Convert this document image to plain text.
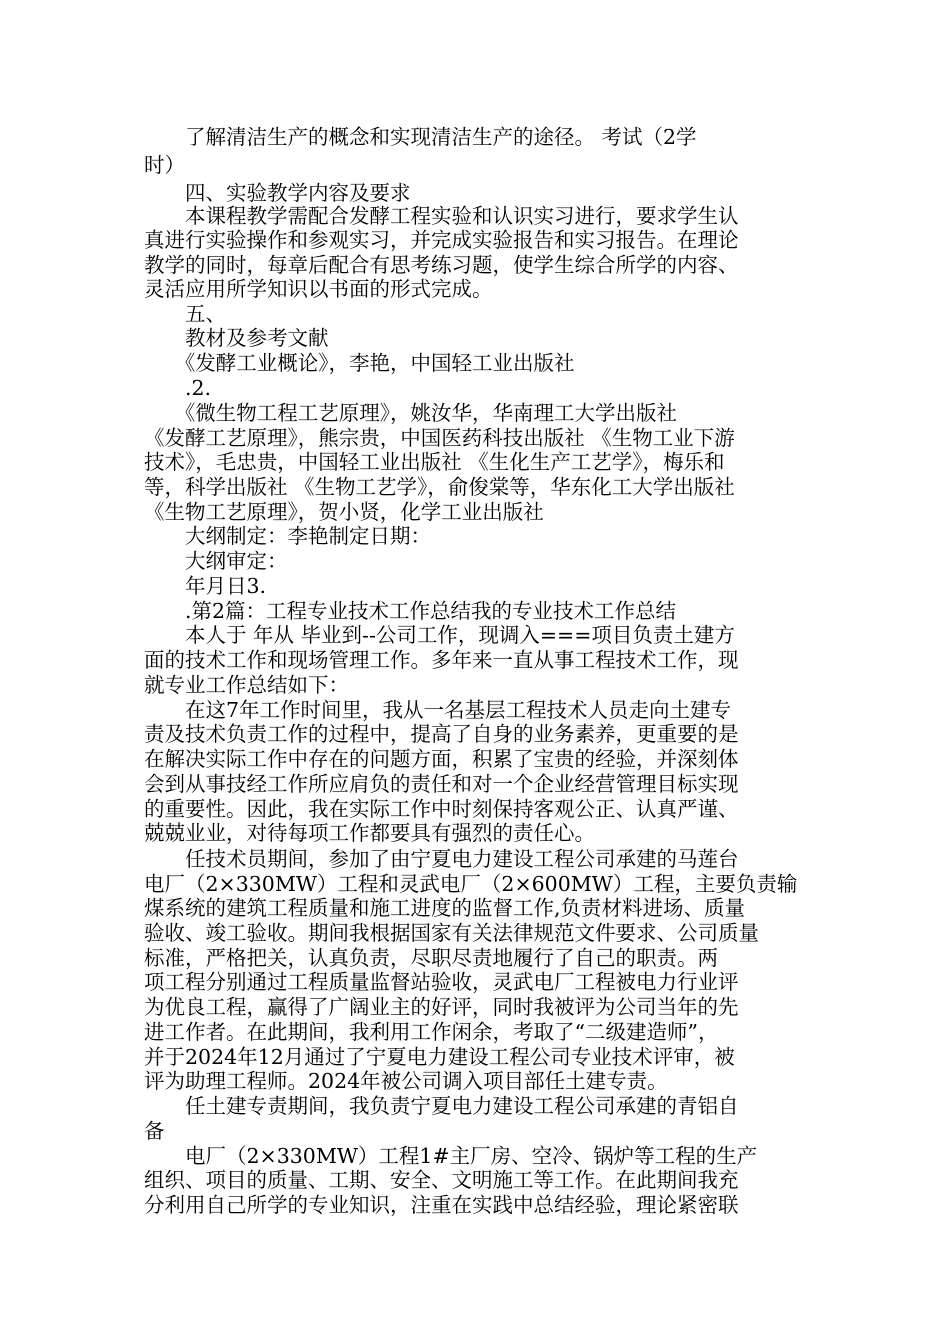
　　了解清洁生产的概念和实现清洁生产的途径。 考试（2学

时）

　　四、实验教学内容及要求

　　本课程教学需配合发酵工程实验和认识实习进行，要求学生认

真进行实验操作和参观实习，并完成实验报告和实习报告。在理论

教学的同时，每章后配合有思考练习题，使学生综合所学的内容、

灵活应用所学知识以书面的形式完成。

　　五、

　　教材及参考文献

　　《发酵工业概论》，李艳，中国轻工业出版社

　　.2.

　　《微生物工程工艺原理》，姚汝华，华南理工大学出版社

《发酵工艺原理》，熊宗贵，中国医药科技出版社 《生物工业下游

技术》，毛忠贵，中国轻工业出版社 《生化生产工艺学》，梅乐和

等，科学出版社 《生物工艺学》，俞俊棠等，华东化工大学出版社

《生物工艺原理》，贺小贤，化学工业出版社

　　大纲制定：李艳制定日期：

　　大纲审定：

　　年月日3.

　　.第2篇：工程专业技术工作总结我的专业技术工作总结

　　本人于 年从 毕业到--公司工作，现调入===项目负责土建方

面的技术工作和现场管理工作。多年来一直从事工程技术工作，现

就专业工作总结如下：

　　在这7年工作时间里，我从一名基层工程技术人员走向土建专

责及技术负责工作的过程中，提高了自身的业务素养，更重要的是

在解决实际工作中存在的问题方面，积累了宝贵的经验，并深刻体

会到从事技经工作所应肩负的责任和对一个企业经营管理目标实现

的重要性。因此，我在实际工作中时刻保持客观公正、认真严谨、

兢兢业业，对待每项工作都要具有强烈的责任心。

　　任技术员期间，参加了由宁夏电力建设工程公司承建的马莲台

电厂（2×330MW）工程和灵武电厂（2×600MW）工程，主要负责输

煤系统的建筑工程质量和施工进度的监督工作,负责材料进场、质量

验收、竣工验收。期间我根据国家有关法律规范文件要求、公司质量

标准，严格把关，认真负责，尽职尽责地履行了自己的职责。两

项工程分别通过工程质量监督站验收，灵武电厂工程被电力行业评

为优良工程，赢得了广阔业主的好评，同时我被评为公司当年的先

进工作者。在此期间，我利用工作闲余，考取了“二级建造师”，

并于2024年12月通过了宁夏电力建设工程公司专业技术评审，被

评为助理工程师。2024年被公司调入项目部任土建专责。

　　任土建专责期间，我负责宁夏电力建设工程公司承建的青铝自

备

　　电厂（2×330MW）工程1#主厂房、空冷、锅炉等工程的生产

组织、项目的质量、工期、安全、文明施工等工作。在此期间我充

分利用自己所学的专业知识，注重在实践中总结经验，理论紧密联
